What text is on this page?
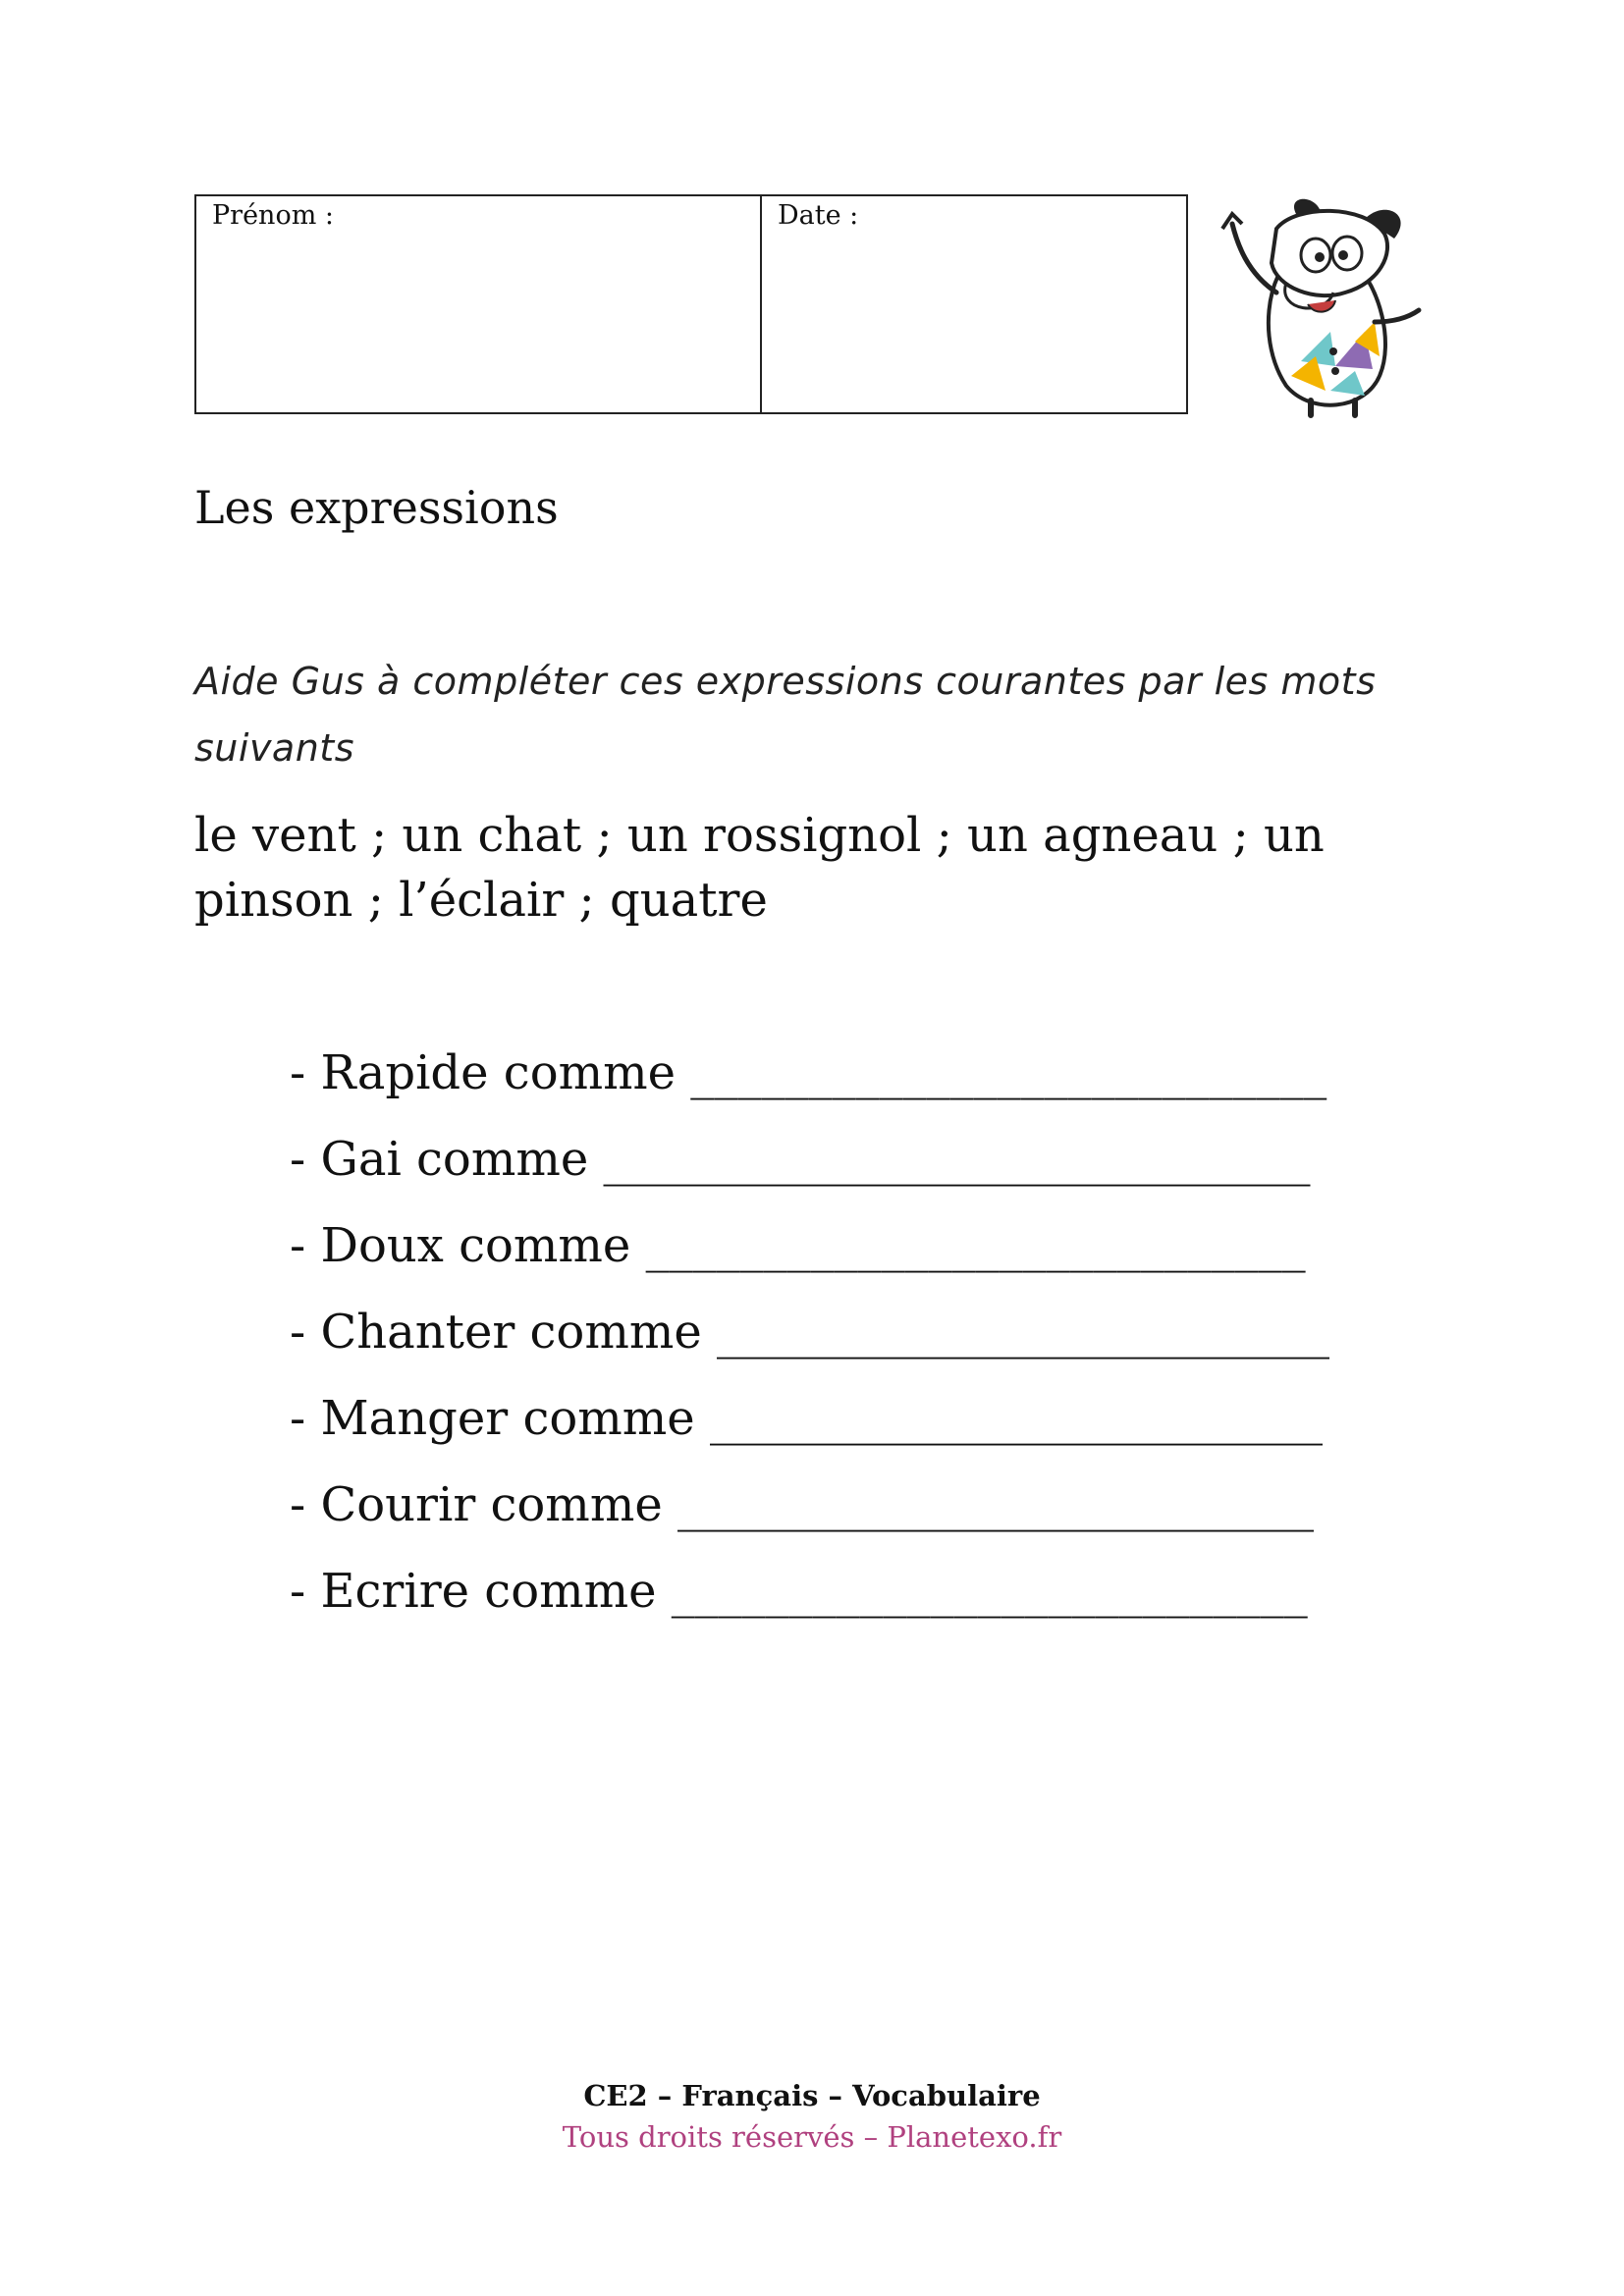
Prénom :	Date :
Les expressions
Aide Gus à compléter ces expressions courantes par les mots suivants
le vent ; un chat ; un rossignol ; un agneau ; un pinson ; l’éclair ; quatre
- Rapide comme ___________________________
- Gai comme ______________________________
- Doux comme ____________________________
- Chanter comme __________________________
- Manger comme __________________________
- Courir comme ___________________________
- Ecrire comme ___________________________
CE2 – Français – Vocabulaire
Tous droits réservés – Planetexo.fr
